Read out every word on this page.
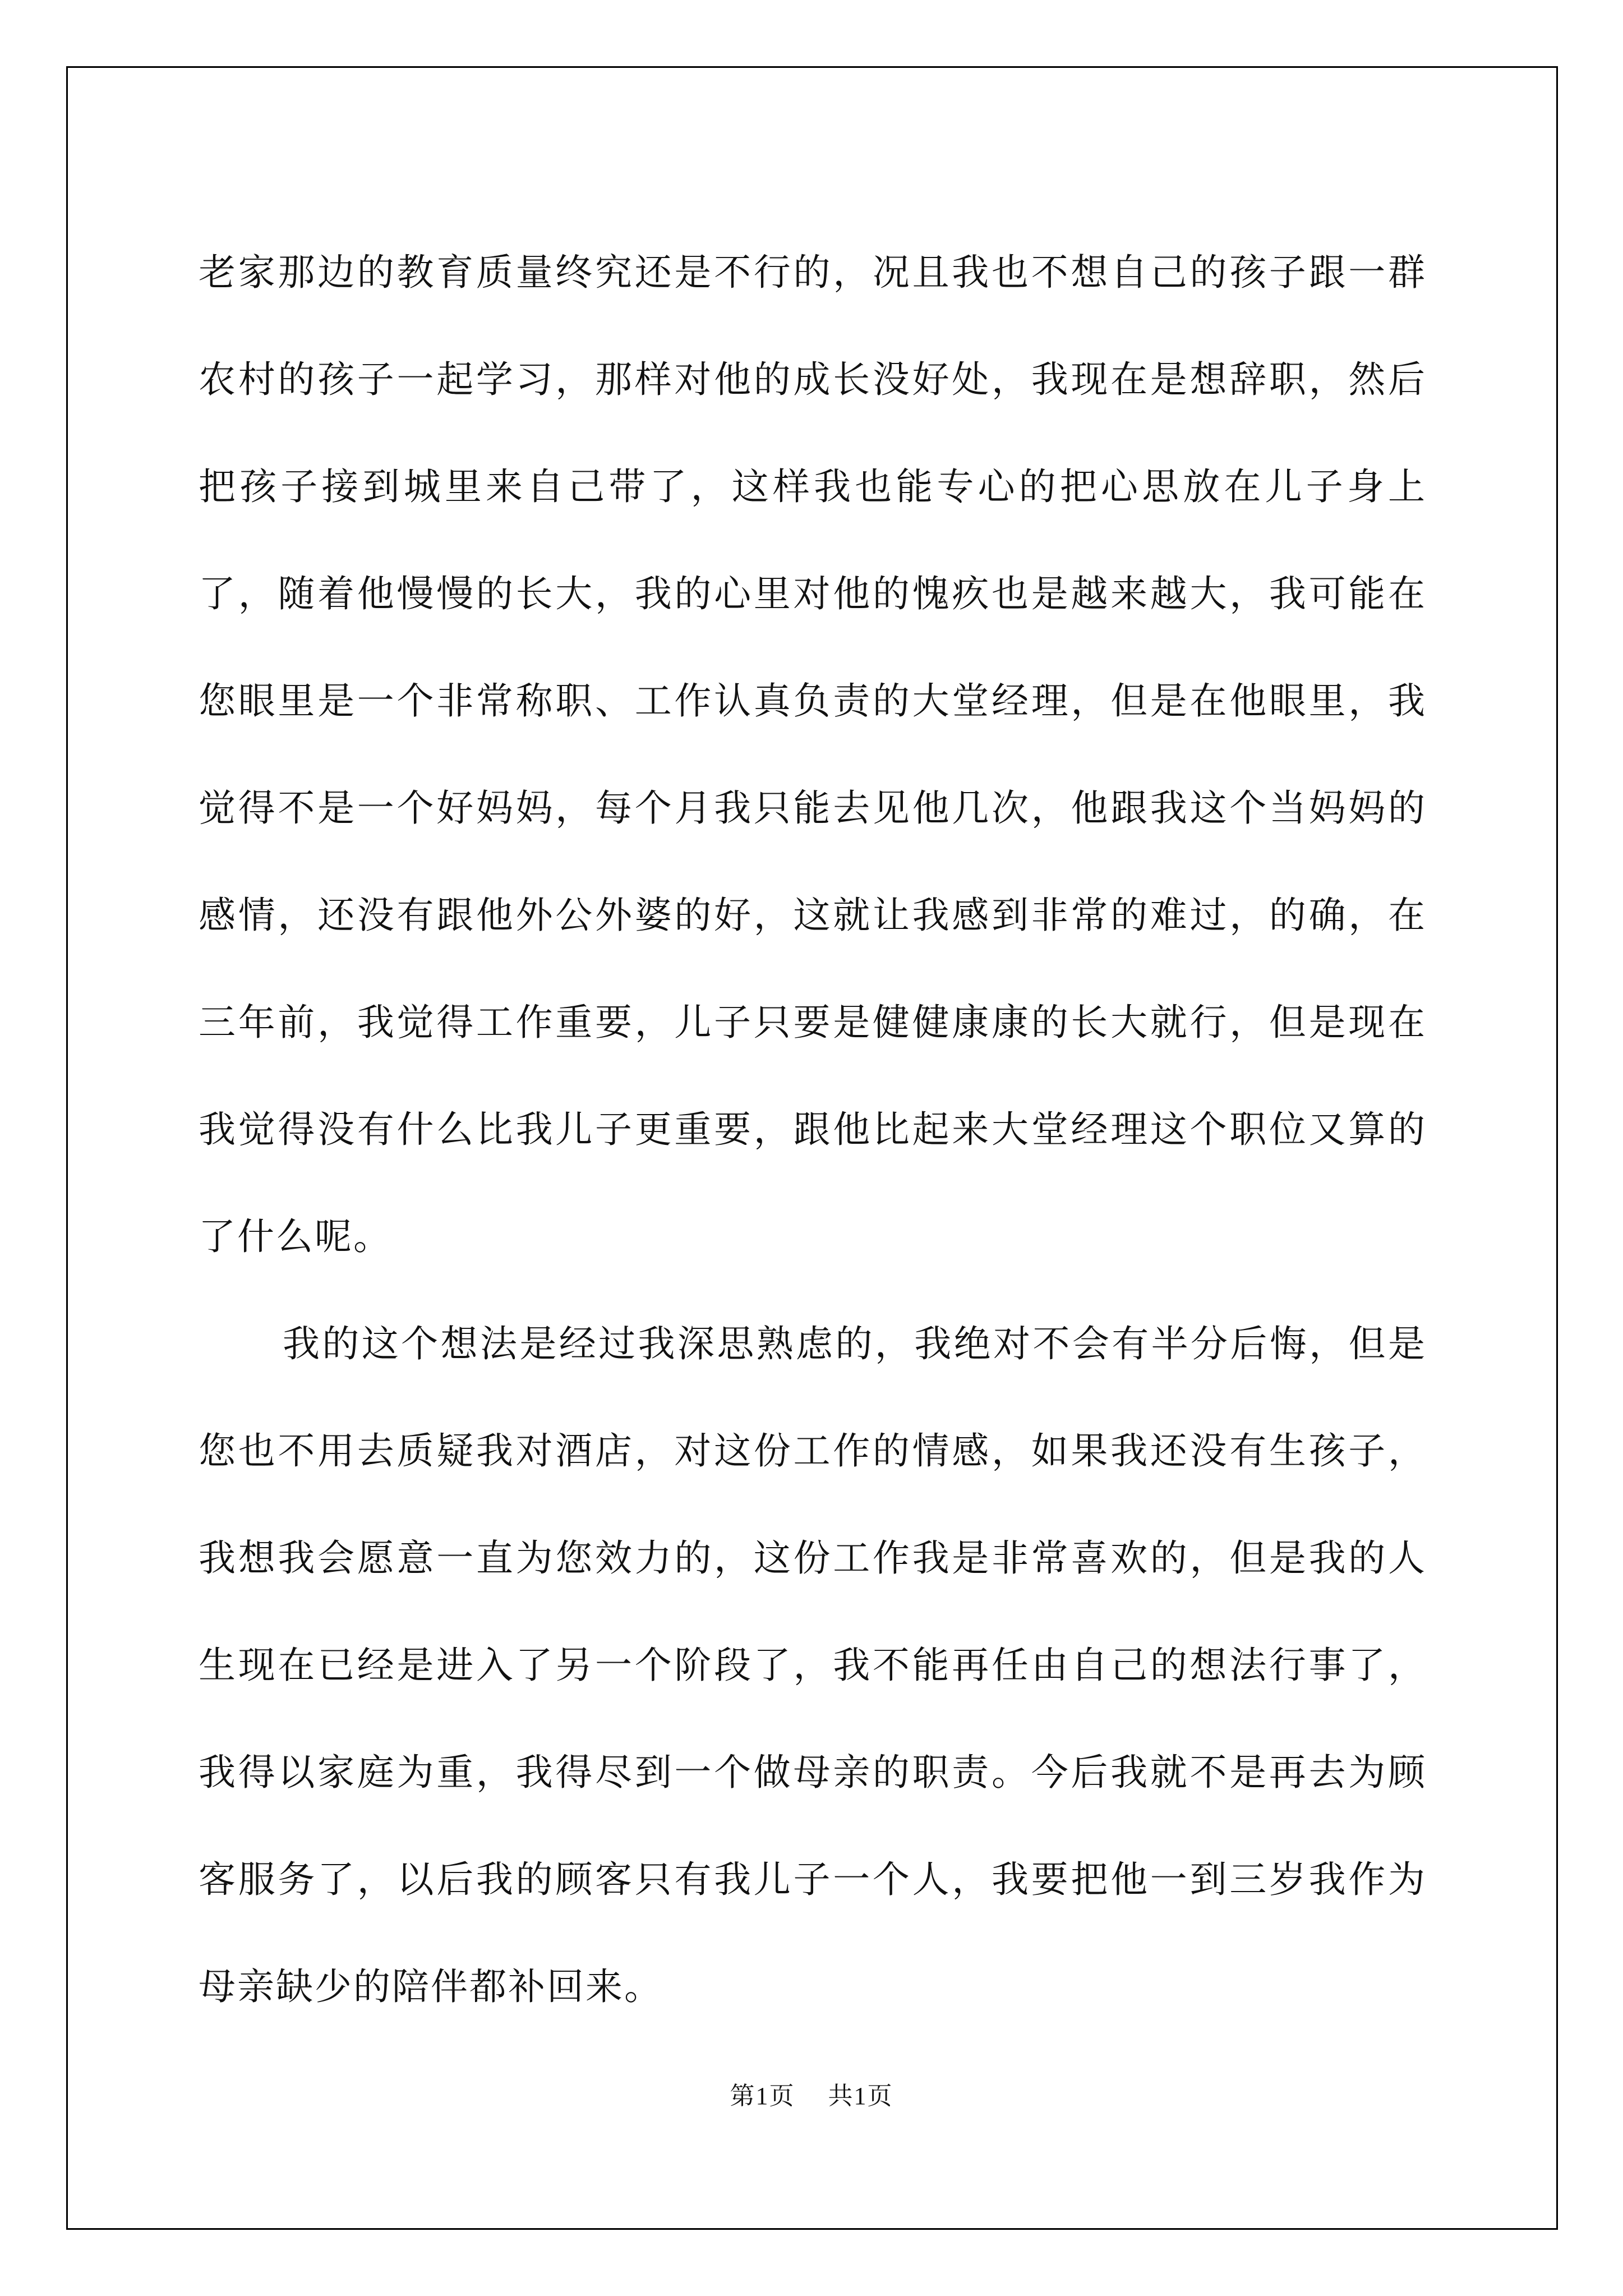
老家那边的教育质量终究还是不行的，况且我也不想自己的孩子跟一群农村的孩子一起学习，那样对他的成长没好处，我现在是想辞职，然后把孩子接到城里来自己带了，这样我也能专心的把心思放在儿子身上了，随着他慢慢的长大，我的心里对他的愧疚也是越来越大，我可能在您眼里是一个非常称职、工作认真负责的大堂经理，但是在他眼里，我觉得不是一个好妈妈，每个月我只能去见他几次，他跟我这个当妈妈的感情，还没有跟他外公外婆的好，这就让我感到非常的难过，的确，在三年前，我觉得工作重要，儿子只要是健健康康的长大就行，但是现在我觉得没有什么比我儿子更重要，跟他比起来大堂经理这个职位又算的了什么呢。

我的这个想法是经过我深思熟虑的，我绝对不会有半分后悔，但是您也不用去质疑我对酒店，对这份工作的情感，如果我还没有生孩子，我想我会愿意一直为您效力的，这份工作我是非常喜欢的，但是我的人生现在已经是进入了另一个阶段了，我不能再任由自己的想法行事了，我得以家庭为重，我得尽到一个做母亲的职责。今后我就不是再去为顾客服务了，以后我的顾客只有我儿子一个人，我要把他一到三岁我作为母亲缺少的陪伴都补回来。

第1页 共1页
